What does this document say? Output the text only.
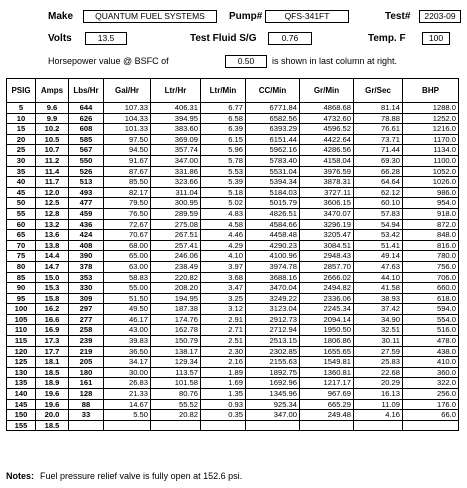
Make	QUANTUM FUEL SYSTEMS	Pump#	QFS-341FT	Test#	2203-09
Volts	13.5	Test Fluid S/G	0.76	Temp. F	100
Horsepower value @ BSFC of	0.50	is shown in last column at right.
PSIG	Amps	Lbs/Hr	Gal/Hr	Ltr/Hr	Ltr/Min	CC/Min	Gr/Min	Gr/Sec	BHP
5	9.6	644	107.33	406.31	6.77	6771.84	4868.68	81.14	1288.0
10	9.9	626	104.33	394.95	6.58	6582.56	4732.60	78.88	1252.0
15	10.2	608	101.33	383.60	6.39	6393.29	4596.52	76.61	1216.0
20	10.5	585	97.50	369.09	6.15	6151.44	4422.64	73.71	1170.0
25	10.7	567	94.50	357.74	5.96	5962.16	4286.56	71.44	1134.0
30	11.2	550	91.67	347.00	5.78	5783.40	4158.04	69.30	1100.0
35	11.4	526	87.67	331.86	5.53	5531.04	3976.59	66.28	1052.0
40	11.7	513	85.50	323.66	5.39	5394.34	3878.31	64.64	1026.0
45	12.0	493	82.17	311.04	5.18	5184.03	3727.11	62.12	986.0
50	12.5	477	79.50	300.95	5.02	5015.79	3606.15	60.10	954.0
55	12.8	459	76.50	289.59	4.83	4826.51	3470.07	57.83	918.0
60	13.2	436	72.67	275.08	4.58	4584.66	3296.19	54.94	872.0
65	13.6	424	70.67	267.51	4.46	4458.48	3205.47	53.42	848.0
70	13.8	408	68.00	257.41	4.29	4290.23	3084.51	51.41	816.0
75	14.4	390	65.00	246.06	4.10	4100.96	2948.43	49.14	780.0
80	14.7	378	63.00	238.49	3.97	3974.78	2857.70	47.63	756.0
85	15.0	353	58.83	220.82	3.68	3688.16	2666.02	44.10	706.0
90	15.3	330	55.00	208.20	3.47	3470.04	2494.82	41.58	660.0
95	15.8	309	51.50	194.95	3.25	3249.22	2336.06	38.93	618.0
100	16.2	297	49.50	187.38	3.12	3123.04	2245.34	37.42	594.0
105	16.6	277	46.17	174.76	2.91	2912.73	2094.14	34.90	554.0
110	16.9	258	43.00	162.78	2.71	2712.94	1950.50	32.51	516.0
115	17.3	239	39.83	150.79	2.51	2513.15	1806.86	30.11	478.0
120	17.7	219	36.50	138.17	2.30	2302.85	1655.65	27.59	438.0
125	18.1	205	34.17	129.34	2.16	2155.63	1549.81	25.83	410.0
130	18.5	180	30.00	113.57	1.89	1892.75	1360.81	22.68	360.0
135	18.9	161	26.83	101.58	1.69	1692.96	1217.17	20.29	322.0
140	19.6	128	21.33	80.76	1.35	1345.96	967.69	16.13	256.0
145	19.6	88	14.67	55.52	0.93	925.34	665.29	11.09	176.0
150	20.0	33	5.50	20.82	0.35	347.00	249.48	4.16	66.0
155	18.5								
Notes: Fuel pressure relief valve is fully open at 152.6 psi.
